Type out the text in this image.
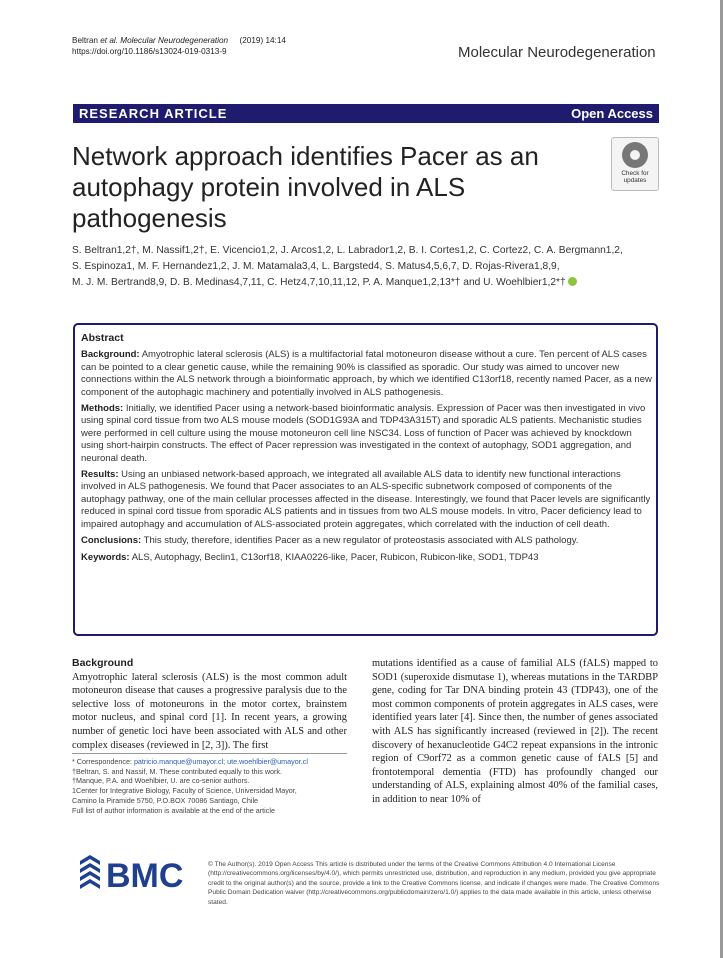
Beltran et al. Molecular Neurodegeneration (2019) 14:14
https://doi.org/10.1186/s13024-019-0313-9	Molecular Neurodegeneration
RESEARCH ARTICLE	Open Access
Network approach identifies Pacer as an autophagy protein involved in ALS pathogenesis
Check for
updates
S. Beltran1,2†, M. Nassif1,2†, E. Vicencio1,2, J. Arcos1,2, L. Labrador1,2, B. I. Cortes1,2, C. Cortez2, C. A. Bergmann1,2,
S. Espinoza1, M. F. Hernandez1,2, J. M. Matamala3,4, L. Bargsted4, S. Matus4,5,6,7, D. Rojas-Rivera1,8,9,
M. J. M. Bertrand8,9, D. B. Medinas4,7,11, C. Hetz4,7,10,11,12, P. A. Manque1,2,13*† and U. Woehlbier1,2*†
Abstract

Background: Amyotrophic lateral sclerosis (ALS) is a multifactorial fatal motoneuron disease without a cure. Ten percent of ALS cases can be pointed to a clear genetic cause, while the remaining 90% is classified as sporadic. Our study was aimed to uncover new connections within the ALS network through a bioinformatic approach, by which we identified C13orf18, recently named Pacer, as a new component of the autophagic machinery and potentially involved in ALS pathogenesis.

Methods: Initially, we identified Pacer using a network-based bioinformatic analysis. Expression of Pacer was then investigated in vivo using spinal cord tissue from two ALS mouse models (SOD1G93A and TDP43A315T) and sporadic ALS patients. Mechanistic studies were performed in cell culture using the mouse motoneuron cell line NSC34. Loss of function of Pacer was achieved by knockdown using short-hairpin constructs. The effect of Pacer repression was investigated in the context of autophagy, SOD1 aggregation, and neuronal death.

Results: Using an unbiased network-based approach, we integrated all available ALS data to identify new functional interactions involved in ALS pathogenesis. We found that Pacer associates to an ALS-specific subnetwork composed of components of the autophagy pathway, one of the main cellular processes affected in the disease. Interestingly, we found that Pacer levels are significantly reduced in spinal cord tissue from sporadic ALS patients and in tissues from two ALS mouse models. In vitro, Pacer deficiency lead to impaired autophagy and accumulation of ALS-associated protein aggregates, which correlated with the induction of cell death.

Conclusions: This study, therefore, identifies Pacer as a new regulator of proteostasis associated with ALS pathology.

Keywords: ALS, Autophagy, Beclin1, C13orf18, KIAA0226-like, Pacer, Rubicon, Rubicon-like, SOD1, TDP43

Background
Amyotrophic lateral sclerosis (ALS) is the most common adult motoneuron disease that causes a progressive paralysis due to the selective loss of motoneurons in the motor cortex, brainstem motor nucleus, and spinal cord [1]. In recent years, a growing number of genetic loci have been associated with ALS and other complex diseases (reviewed in [2, 3]). The first
mutations identified as a cause of familial ALS (fALS) mapped to SOD1 (superoxide dismutase 1), whereas mutations in the TARDBP gene, coding for Tar DNA binding protein 43 (TDP43), one of the most common components of protein aggregates in ALS cases, were identified years later [4]. Since then, the number of genes associated with ALS has significantly increased (reviewed in [2]). The recent discovery of hexanucleotide G4C2 repeat expansions in the intronic region of C9orf72 as a common genetic cause of fALS [5] and frontotemporal dementia (FTD) has profoundly changed our understanding of ALS, explaining almost 40% of the familial cases, in addition to near 10% of
* Correspondence: patricio.manque@umayor.cl; ute.woehlbier@umayor.cl
†Beltran, S. and Nassif, M. These contributed equally to this work.
†Manque, P.A. and Woehlbier, U. are co-senior authors.
1Center for Integrative Biology, Faculty of Science, Universidad Mayor,
Camino la Piramide 5750, P.O.BOX 70086 Santiago, Chile
Full list of author information is available at the end of the article
BMC	© The Author(s). 2019 Open Access This article is distributed under the terms of the Creative Commons Attribution 4.0 International License (http://creativecommons.org/licenses/by/4.0/), which permits unrestricted use, distribution, and reproduction in any medium, provided you give appropriate credit to the original author(s) and the source, provide a link to the Creative Commons license, and indicate if changes were made. The Creative Commons Public Domain Dedication waiver (http://creativecommons.org/publicdomain/zero/1.0/) applies to the data made available in this article, unless otherwise stated.
